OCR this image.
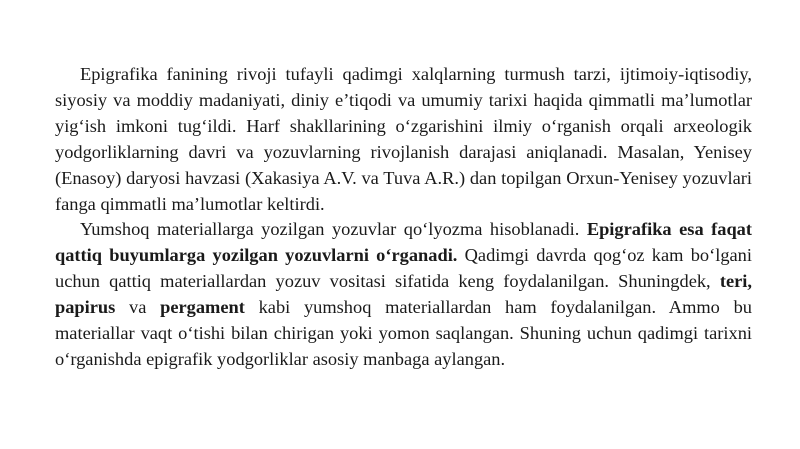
Epigrafika fanining rivoji tufayli qadimgi xalqlarning turmush tarzi, ijtimoiy-iqtisodiy, siyosiy va moddiy madaniyati, diniy e’tiqodi va umumiy tarixi haqida qimmatli ma’lumotlar yig‘ish imkoni tug‘ildi. Harf shakllarining o‘zgarishini ilmiy o‘rganish orqali arxeologik yodgorliklarning davri va yozuvlarning rivojlanish darajasi aniqlanadi. Masalan, Yenisey (Enasoy) daryosi havzasi (Xakasiya A.V. va Tuva A.R.) dan topilgan Orxun-Yenisey yozuvlari fanga qimmatli ma’lumotlar keltirdi.

Yumshoq materiallarga yozilgan yozuvlar qo‘lyozma hisoblanadi. Epigrafika esa faqat qattiq buyumlarga yozilgan yozuvlarni o‘rganadi. Qadimgi davrda qog‘oz kam bo‘lgani uchun qattiq materiallardan yozuv vositasi sifatida keng foydalanilgan. Shuningdek, teri, papirus va pergament kabi yumshoq materiallardan ham foydalanilgan. Ammo bu materiallar vaqt o‘tishi bilan chirigan yoki yomon saqlangan. Shuning uchun qadimgi tarixni o‘rganishda epigrafik yodgorliklar asosiy manbaga aylangan.
